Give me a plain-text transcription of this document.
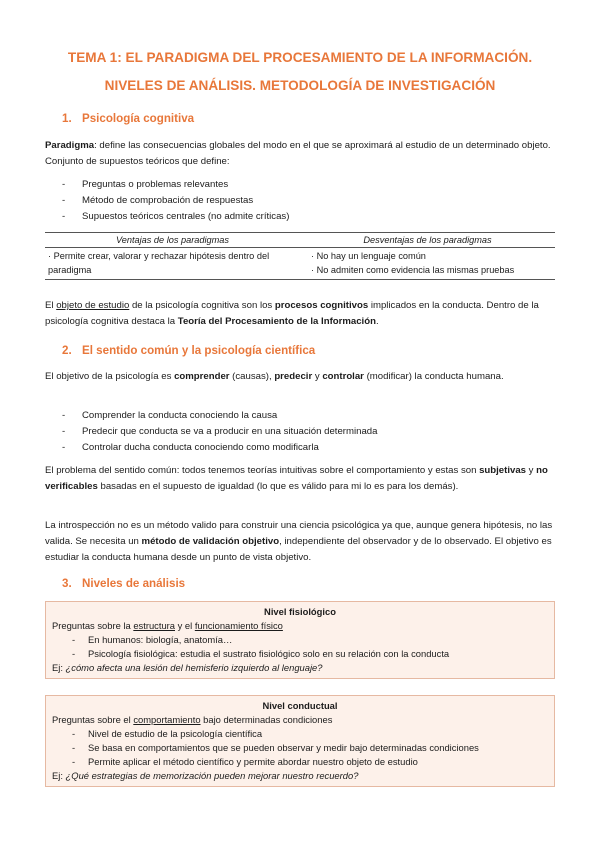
TEMA 1: EL PARADIGMA DEL PROCESAMIENTO DE LA INFORMACIÓN.
NIVELES DE ANÁLISIS. METODOLOGÍA DE INVESTIGACIÓN
1. Psicología cognitiva
Paradigma: define las consecuencias globales del modo en el que se aproximará al estudio de un determinado objeto. Conjunto de supuestos teóricos que define:
- Preguntas o problemas relevantes
- Método de comprobación de respuestas
- Supuestos teóricos centrales (no admite críticas)
Ventajas de los paradigmas	Desventajas de los paradigmas
· Permite crear, valorar y rechazar hipótesis dentro del paradigma
· No hay un lenguaje común
· No admiten como evidencia las mismas pruebas
El objeto de estudio de la psicología cognitiva son los procesos cognitivos implicados en la conducta. Dentro de la psicología cognitiva destaca la Teoría del Procesamiento de la Información.
2. El sentido común y la psicología científica
El objetivo de la psicología es comprender (causas), predecir y controlar (modificar) la conducta humana.
- Comprender la conducta conociendo la causa
- Predecir que conducta se va a producir en una situación determinada
- Controlar ducha conducta conociendo como modificarla
El problema del sentido común: todos tenemos teorías intuitivas sobre el comportamiento y estas son subjetivas y no verificables basadas en el supuesto de igualdad (lo que es válido para mi lo es para los demás).
La introspección no es un método valido para construir una ciencia psicológica ya que, aunque genera hipótesis, no las valida. Se necesita un método de validación objetivo, independiente del observador y de lo observado. El objetivo es estudiar la conducta humana desde un punto de vista objetivo.
3. Niveles de análisis
Nivel fisiológico
Preguntas sobre la estructura y el funcionamiento físico
- En humanos: biología, anatomía…
- Psicología fisiológica: estudia el sustrato fisiológico solo en su relación con la conducta
Ej: ¿cómo afecta una lesión del hemisferio izquierdo al lenguaje?
Nivel conductual
Preguntas sobre el comportamiento bajo determinadas condiciones
- Nivel de estudio de la psicología científica
- Se basa en comportamientos que se pueden observar y medir bajo determinadas condiciones
- Permite aplicar el método científico y permite abordar nuestro objeto de estudio
Ej: ¿Qué estrategias de memorización pueden mejorar nuestro recuerdo?
